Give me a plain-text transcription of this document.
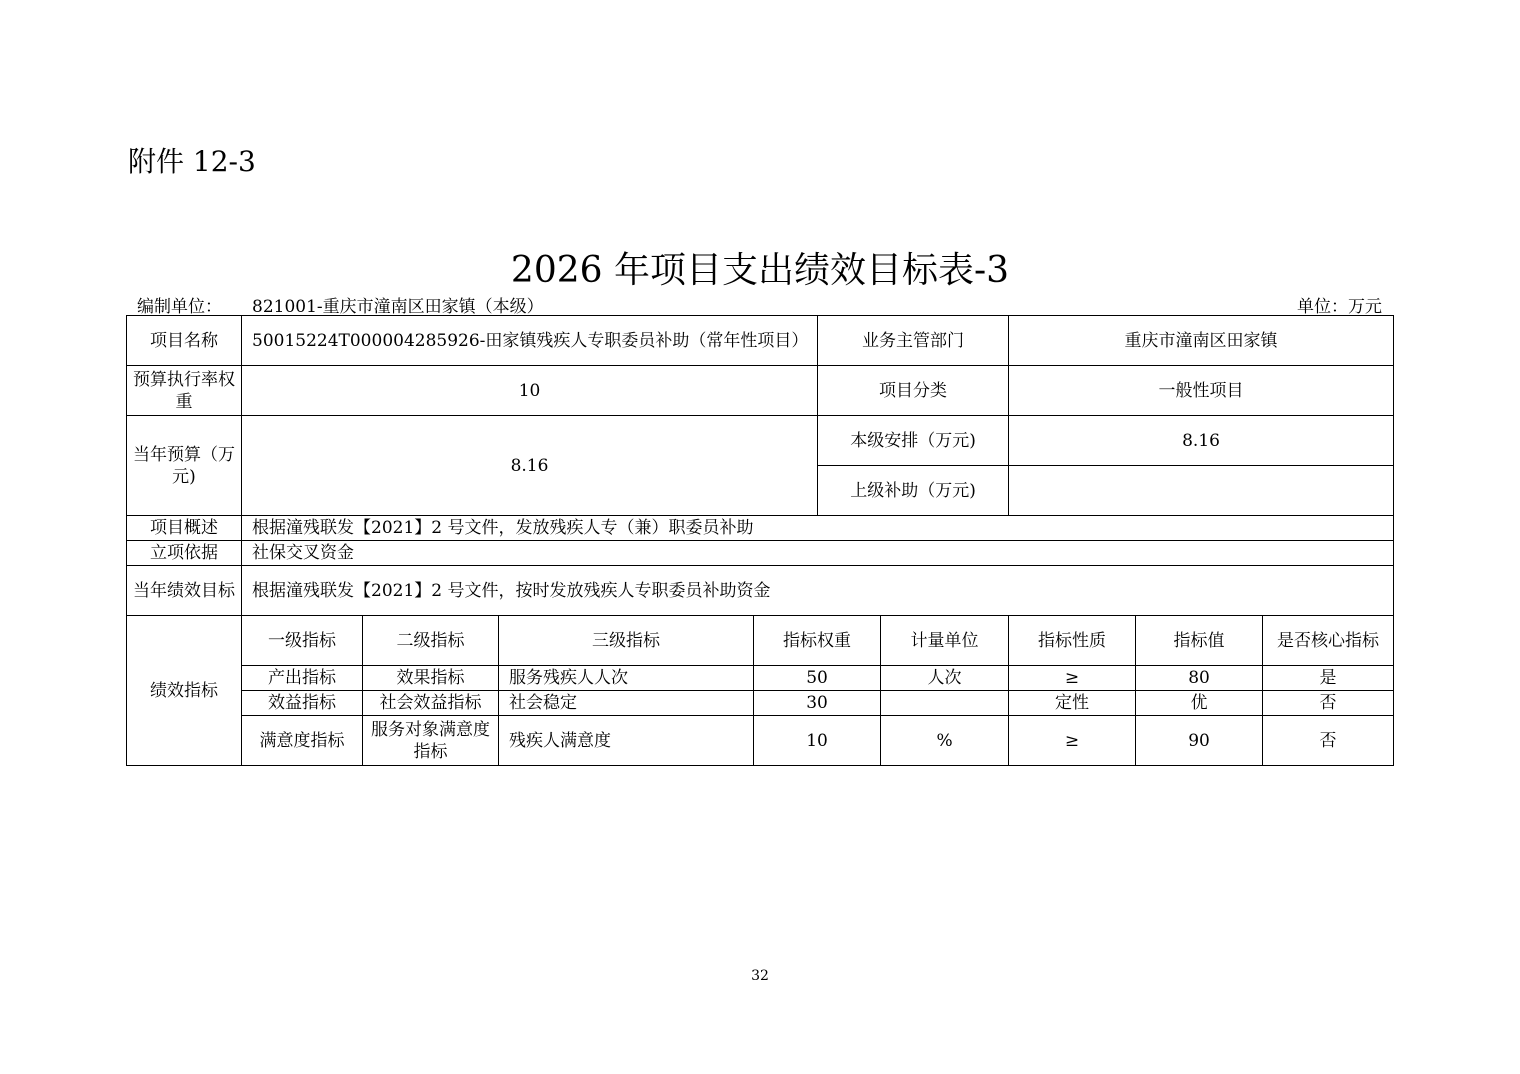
附件 12-3
2026 年项目支出绩效目标表-3
编制单位： 821001-重庆市潼南区田家镇（本级）	单位：万元
项目名称	50015224T000004285926-田家镇残疾人专职委员补助（常年性项目）				业务主管部门		重庆市潼南区田家镇		
预算执行率权重	10				项目分类		一般性项目		
当年预算（万元)	8.16				本级安排（万元)		8.16		
					上级补助（万元)				
项目概述	根据潼残联发【2021】2 号文件，发放残疾人专（兼）职委员补助								
立项依据	社保交叉资金								
当年绩效目标	根据潼残联发【2021】2 号文件，按时发放残疾人专职委员补助资金								
绩效指标	一级指标	二级指标	三级指标	指标权重		计量单位	指标性质	指标值	是否核心指标
	产出指标	效果指标	服务残疾人人次	50		人次	≥	80	是
	效益指标	社会效益指标	社会稳定	30			定性	优	否
	满意度指标	服务对象满意度指标	残疾人满意度	10		%	≥	90	否
32
